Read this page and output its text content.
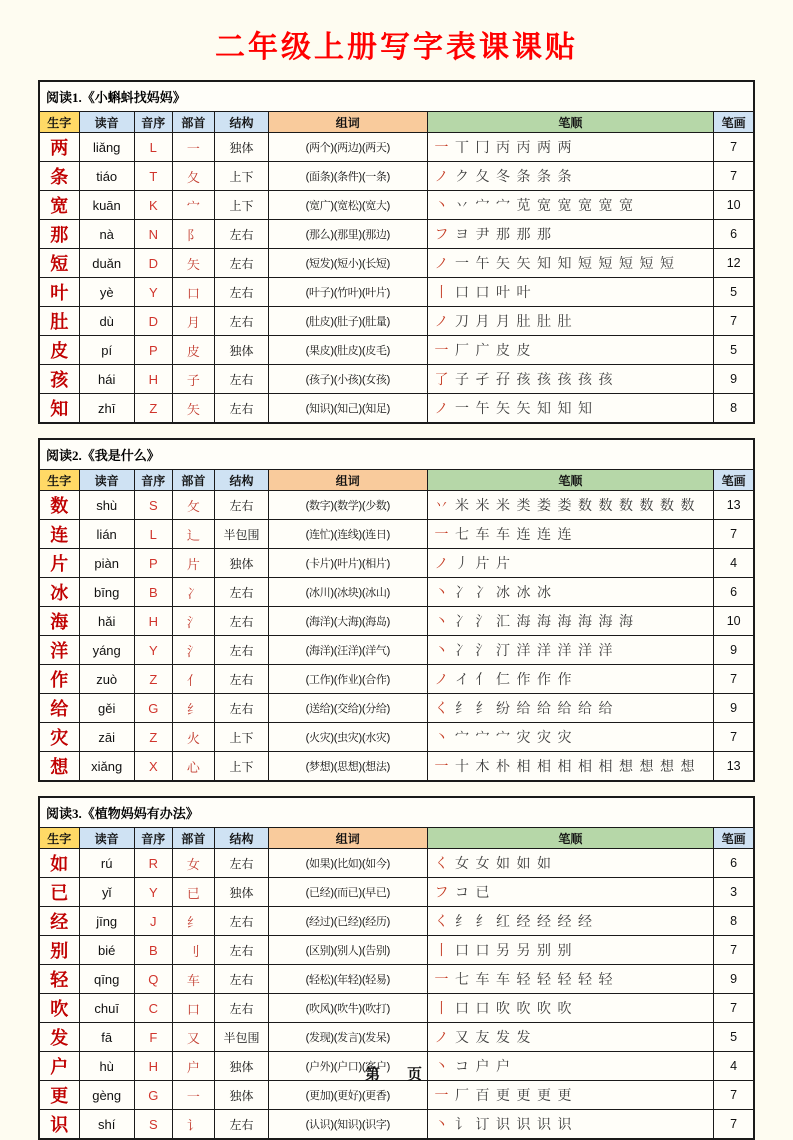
二年级上册写字表课课贴
阅读1.《小蝌蚪找妈妈》							
生字	读音	音序	部首	结构	组词	笔顺	笔画
两	liǎng	L	一	独体	(两个)(两边)(两天)	一 丅 冂 丙 丙 两 两	7
条	tiáo	T	夂	上下	(面条)(条件)(一条)	ノ ク 夂 冬 条 条 条	7
宽	kuān	K	宀	上下	(宽广)(宽松)(宽大)	丶 丷 宀 宀 苋 宽 宽 宽 宽 宽	10
那	nà	N	阝	左右	(那么)(那里)(那边)	フ ヨ 尹 那 那 那	6
短	duǎn	D	矢	左右	(短发)(短小)(长短)	ノ 一 午 矢 矢 知 知 短 短 短 短 短	12
叶	yè	Y	口	左右	(叶子)(竹叶)(叶片)	丨 口 口 叶 叶	5
肚	dù	D	月	左右	(肚皮)(肚子)(肚量)	ノ 刀 月 月 肚 肚 肚	7
皮	pí	P	皮	独体	(果皮)(肚皮)(皮毛)	一 厂 广 皮 皮	5
孩	hái	H	子	左右	(孩子)(小孩)(女孩)	了 子 孑 孖 孩 孩 孩 孩 孩	9
知	zhī	Z	矢	左右	(知识)(知己)(知足)	ノ 一 午 矢 矢 知 知 知	8
阅读2.《我是什么》							
生字	读音	音序	部首	结构	组词	笔顺	笔画
数	shù	S	攵	左右	(数字)(数学)(少数)	丷 米 米 米 类 娄 娄 数 数 数 数 数 数	13
连	lián	L	辶	半包围	(连忙)(连线)(连日)	一 七 车 车 连 连 连	7
片	piàn	P	片	独体	(卡片)(叶片)(相片)	ノ 丿 片 片	4
冰	bīng	B	冫	左右	(冰川)(冰块)(冰山)	丶 冫 冫 冰 冰 冰	6
海	hǎi	H	氵	左右	(海洋)(大海)(海岛)	丶 冫 氵 汇 海 海 海 海 海 海	10
洋	yáng	Y	氵	左右	(海洋)(汪洋)(洋气)	丶 冫 氵 汀 洋 洋 洋 洋 洋	9
作	zuò	Z	亻	左右	(工作)(作业)(合作)	ノ イ 亻 仁 作 作 作	7
给	gěi	G	纟	左右	(送给)(交给)(分给)	く 纟 纟 纷 给 给 给 给 给	9
灾	zāi	Z	火	上下	(火灾)(虫灾)(水灾)	丶 宀 宀 宀 灾 灾 灾	7
想	xiǎng	X	心	上下	(梦想)(思想)(想法)	一 十 木 朴 相 相 相 相 相 想 想 想 想	13
阅读3.《植物妈妈有办法》							
生字	读音	音序	部首	结构	组词	笔顺	笔画
如	rú	R	女	左右	(如果)(比如)(如今)	く 女 女 如 如 如	6
已	yǐ	Y	已	独体	(已经)(而已)(早已)	フ コ 已	3
经	jīng	J	纟	左右	(经过)(已经)(经历)	く 纟 纟 红 经 经 经 经	8
别	bié	B	刂	左右	(区别)(别人)(告别)	丨 口 口 另 另 别 别	7
轻	qīng	Q	车	左右	(轻松)(年轻)(轻易)	一 七 车 车 轻 轻 轻 轻 轻	9
吹	chuī	C	口	左右	(吹风)(吹牛)(吹打)	丨 口 口 吹 吹 吹 吹	7
发	fā	F	又	半包围	(发现)(发言)(发呆)	ノ 又 友 发 发	5
户	hù	H	户	独体	(户外)(户口)(客户)	丶 コ 户 户	4
更	gèng	G	一	独体	(更加)(更好)(更香)	一 厂 百 更 更 更 更	7
识	shí	S	讠	左右	(认识)(知识)(识字)	丶 讠 订 识 识 识 识	7
第　页
